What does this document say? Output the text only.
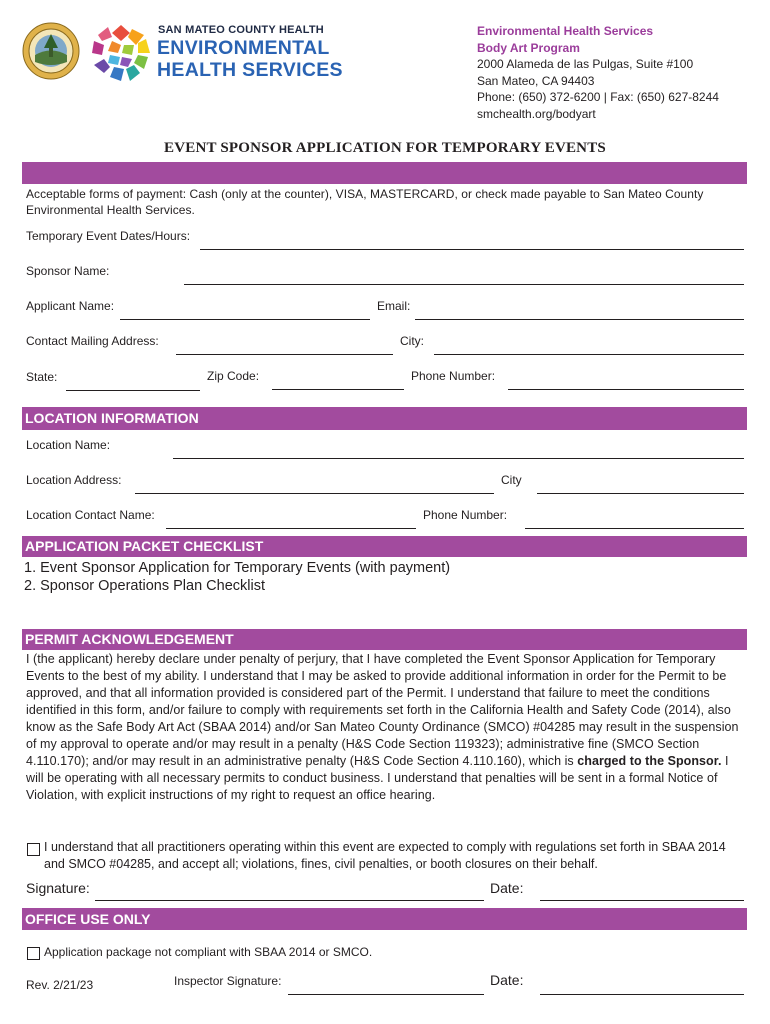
SAN MATEO COUNTY HEALTH
ENVIRONMENTAL
HEALTH SERVICES
Environmental Health Services
Body Art Program
2000 Alameda de las Pulgas, Suite #100
San Mateo, CA 94403
Phone: (650) 372-6200 | Fax: (650) 627-8244
smchealth.org/bodyart
EVENT SPONSOR APPLICATION FOR TEMPORARY EVENTS
Acceptable forms of payment: Cash (only at the counter), VISA, MASTERCARD, or check made payable to San Mateo County Environmental Health Services.
Temporary Event Dates/Hours:
Sponsor Name:
Applicant Name:	Email:
Contact Mailing Address:	City:
State:	Zip Code:	Phone Number:
LOCATION INFORMATION
Location Name:
Location Address:	City
Location Contact Name:	Phone Number:
APPLICATION PACKET CHECKLIST
1. Event Sponsor Application for Temporary Events (with payment)
2. Sponsor Operations Plan Checklist
PERMIT ACKNOWLEDGEMENT
I (the applicant) hereby declare under penalty of perjury, that I have completed the Event Sponsor Application for Temporary Events to the best of my ability. I understand that I may be asked to provide additional information in order for the Permit to be approved, and that all information provided is considered part of the Permit. I understand that failure to meet the conditions identified in this form, and/or failure to comply with requirements set forth in the California Health and Safety Code (2014), also know as the Safe Body Art Act (SBAA 2014) and/or San Mateo County Ordinance (SMCO) #04285 may result in the suspension of my approval to operate and/or may result in a penalty (H&S Code Section 119323); administrative fine (SMCO Section 4.110.170); and/or may result in an administrative penalty (H&S Code Section 4.110.160), which is charged to the Sponsor. I will be operating with all necessary permits to conduct business. I understand that penalties will be sent in a formal Notice of Violation, with explicit instructions of my right to request an office hearing.
I understand that all practitioners operating within this event are expected to comply with regulations set forth in SBAA 2014 and SMCO #04285, and accept all; violations, fines, civil penalties, or booth closures on their behalf.
Signature:	Date:
OFFICE USE ONLY
Application package not compliant with SBAA 2014 or SMCO.
Rev. 2/21/23	Inspector Signature:	Date:
